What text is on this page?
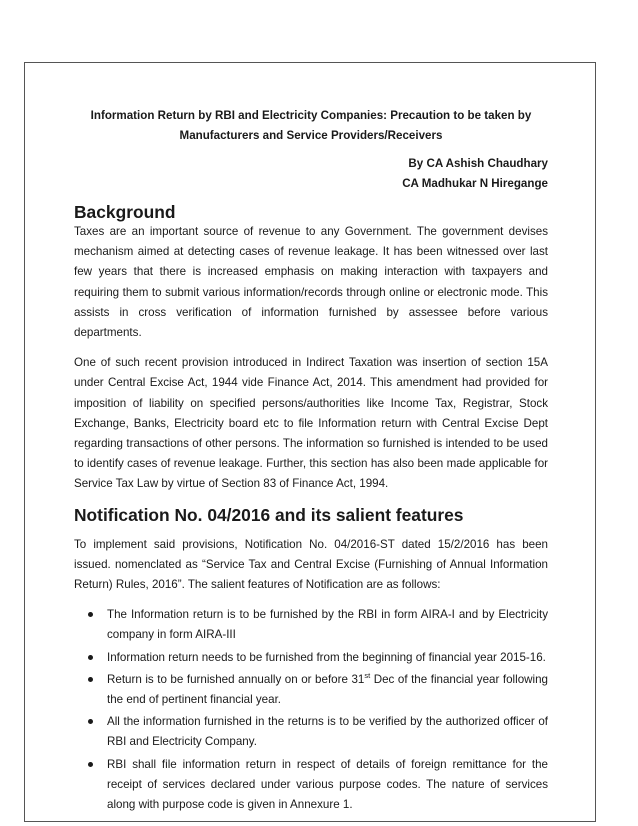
Information Return by RBI and Electricity Companies: Precaution to be taken by
Manufacturers and Service Providers/Receivers
By CA Ashish Chaudhary
CA Madhukar N Hiregange
Background

Taxes are an important source of revenue to any Government. The government devises mechanism aimed at detecting cases of revenue leakage. It has been witnessed over last few years that there is increased emphasis on making interaction with taxpayers and requiring them to submit various information/records through online or electronic mode. This assists in cross verification of information furnished by assessee before various departments.

One of such recent provision introduced in Indirect Taxation was insertion of section 15A under Central Excise Act, 1944 vide Finance Act, 2014. This amendment had provided for imposition of liability on specified persons/authorities like Income Tax, Registrar, Stock Exchange, Banks, Electricity board etc to file Information return with Central Excise Dept regarding transactions of other persons. The information so furnished is intended to be used to identify cases of revenue leakage. Further, this section has also been made applicable for Service Tax Law by virtue of Section 83 of Finance Act, 1994.

Notification No. 04/2016 and its salient features

To implement said provisions, Notification No. 04/2016-ST dated 15/2/2016 has been issued. nomenclated as “Service Tax and Central Excise (Furnishing of Annual Information Return) Rules, 2016”. The salient features of Notification are as follows:

The Information return is to be furnished by the RBI in form AIRA-I and by Electricity company in form AIRA-III
Information return needs to be furnished from the beginning of financial year 2015-16.
Return is to be furnished annually on or before 31st Dec of the financial year following the end of pertinent financial year.
All the information furnished in the returns is to be verified by the authorized officer of RBI and Electricity Company.
RBI shall file information return in respect of details of foreign remittance for the receipt of services declared under various purpose codes. The nature of services along with purpose code is given in Annexure 1.
